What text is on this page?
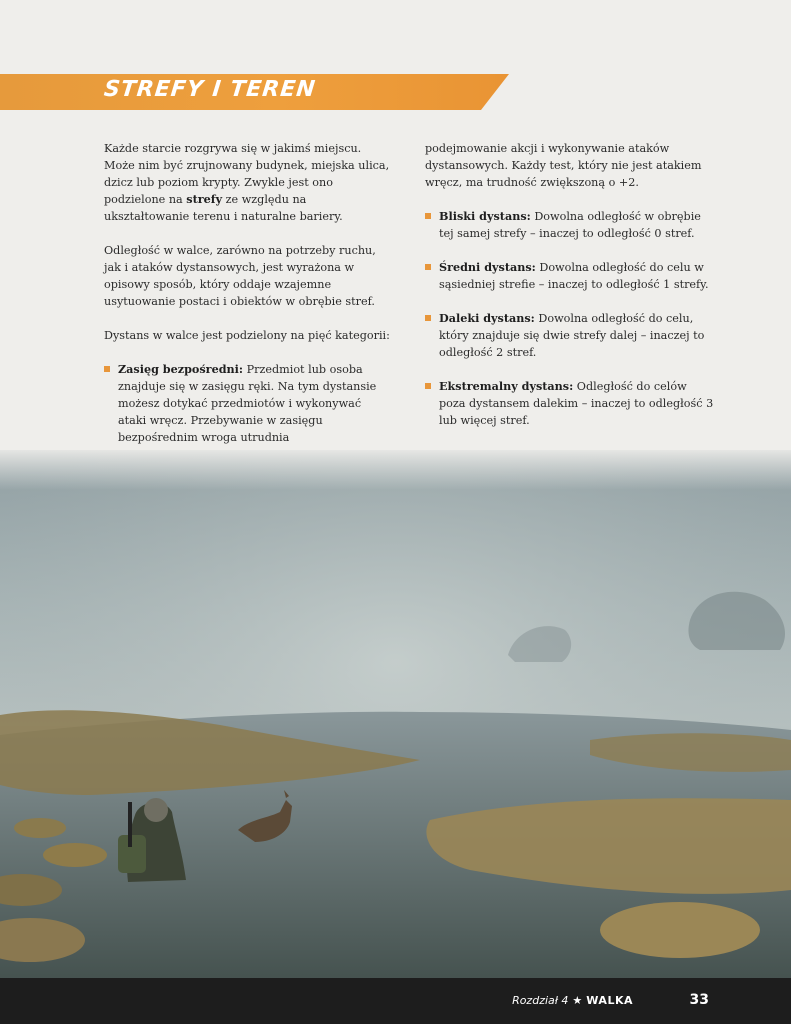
STREFY I TEREN

Każde starcie rozgrywa się w jakimś miejscu. Może nim być zrujnowany budynek, miejska ulica, dzicz lub poziom krypty. Zwykle jest ono podzielone na strefy ze względu na ukształtowanie terenu i naturalne bariery.

Odległość w walce, zarówno na potrzeby ruchu, jak i ataków dystansowych, jest wyrażona w opisowy sposób, który oddaje wzajemne usytuowanie postaci i obiektów w obrębie stref.

Dystans w walce jest podzielony na pięć kategorii:

Zasięg bezpośredni: Przedmiot lub osoba znajduje się w zasięgu ręki. Na tym dystansie możesz dotykać przedmiotów i wykonywać ataki wręcz. Przebywanie w zasięgu bezpośrednim wroga utrudnia

podejmowanie akcji i wykonywanie ataków dystansowych. Każdy test, który nie jest atakiem wręcz, ma trudność zwiększoną o +2.

Bliski dystans: Dowolna odległość w obrębie tej samej strefy – inaczej to odległość 0 stref.
Średni dystans: Dowolna odległość do celu w sąsiedniej strefie – inaczej to odległość 1 strefy.
Daleki dystans: Dowolna odległość do celu, który znajduje się dwie strefy dalej – inaczej to odległość 2 stref.
Ekstremalny dystans: Odległość do celów poza dystansem dalekim – inaczej to odległość 3 lub więcej stref.
Rozdział 4 ★ WALKA	33
